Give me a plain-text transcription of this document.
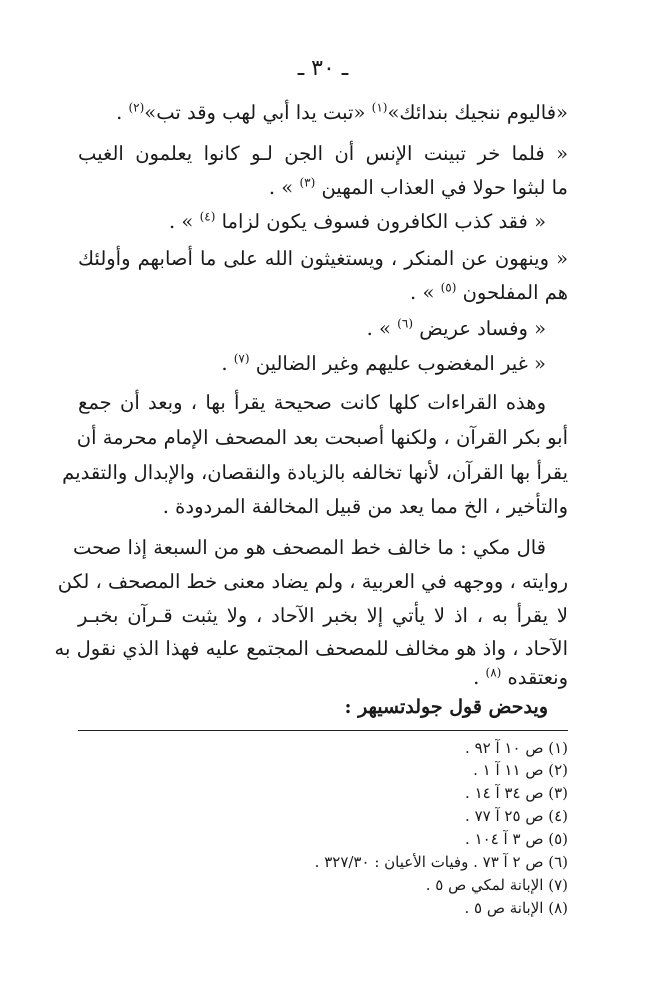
ـ ٣٠ ـ
«فاليوم ننجيك بندائك»$^{(١)}$ «تبت يدا أبي لهب وقد تب»$^{(٢)}$ .
« فلما خر تبينت الإنس أن الجن لـو كانوا يعلمون الغيب
ما لبثوا حولا في العذاب المهين $^{(٣)}$ » .
« فقد كذب الكافرون فسوف يكون لزاما $^{(٤)}$ » .
« وينهون عن المنكر ، ويستغيثون الله على ما أصابهم وأولئك
هم المفلحون $^{(٥)}$ » .
« وفساد عريض $^{(٦)}$ » .
« غير المغضوب عليهم وغير الضالين $^{(٧)}$ .
وهذه القراءات كلها كانت صحيحة يقرأ بها ، وبعد أن جمع
أبو بكر القرآن ، ولكنها أصبحت بعد المصحف الإمام محرمة أن
يقرأ بها القرآن، لأنها تخالفه بالزيادة والنقصان، والإبدال والتقديم
والتأخير ، الخ مما يعد من قبيل المخالفة المردودة .
قال مكي : ما خالف خط المصحف هو من السبعة إذا صحت
روايته ، ووجهه في العربية ، ولم يضاد معنى خط المصحف ، لكن
لا يقرأ به ، اذ لا يأتي إلا بخبر الآحاد ، ولا يثبت قـرآن بخبـر
الآحاد ، واذ هو مخالف للمصحف المجتمع عليه فهذا الذي نقول به
ونعتقده $^{(٨)}$ .
ويدحض قول جولدتسيهر :
(١) ص ١٠ آ ٩٢ .
(٢) ص ١١ آ ١ .
(٣) ص ٣٤ آ ١٤ .
(٤) ص ٢٥ آ ٧٧ .
(٥) ص ٣ آ ١٠٤ .
(٦) ص ٢ آ ٧٣ . وفيات الأعيان : ٣٢٧/٣٠ .
(٧) الإبانة لمكي ص ٥ .
(٨) الإبانة ص ٥ .
